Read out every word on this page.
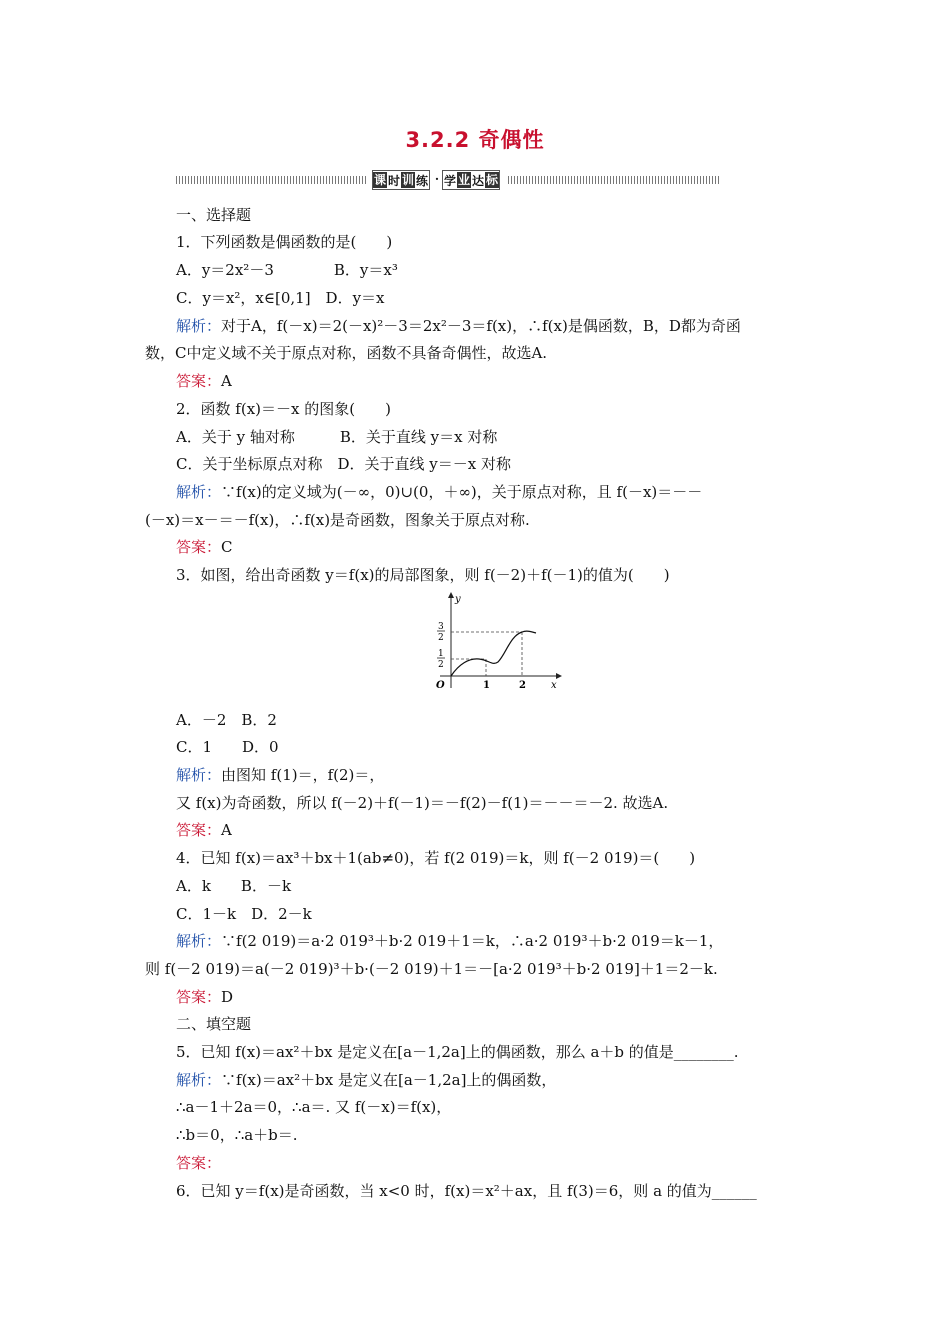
3.2.2 奇偶性
课 时 训 练 · 学 业 达 标
一、选择题
1．下列函数是偶函数的是(　　)
A．y＝2x²－3　　　　B．y＝x³
C．y＝x²，x∈[0,1]　D．y＝x
解析：对于A，f(－x)＝2(－x)²－3＝2x²－3＝f(x)，∴f(x)是偶函数，B，D都为奇函
数，C中定义域不关于原点对称，函数不具备奇偶性，故选A.
答案：A
2．函数 f(x)＝－x 的图象(　　)
A．关于 y 轴对称　　　B．关于直线 y＝x 对称
C．关于坐标原点对称　D．关于直线 y＝－x 对称
解析：∵f(x)的定义域为(－∞，0)∪(0，＋∞)，关于原点对称，且 f(－x)＝－－
(－x)＝x－＝－f(x)，∴f(x)是奇函数，图象关于原点对称.
答案：C
3．如图，给出奇函数 y＝f(x)的局部图象，则 f(－2)＋f(－1)的值为(　　)
y
x
O	1	2
3
2
1
2
A．－2　B．2
C．1　　D．0
解析：由图知 f(1)＝，f(2)＝，
又 f(x)为奇函数，所以 f(－2)＋f(－1)＝－f(2)－f(1)＝－－＝－2. 故选A.
答案：A
4．已知 f(x)＝ax³＋bx＋1(ab≠0)，若 f(2 019)＝k，则 f(－2 019)＝(　　)
A．k　　B．－k
C．1－k　D．2－k
解析：∵f(2 019)＝a·2 019³＋b·2 019＋1＝k，∴a·2 019³＋b·2 019＝k－1，
则 f(－2 019)＝a(－2 019)³＋b·(－2 019)＋1＝－[a·2 019³＋b·2 019]＋1＝2－k.
答案：D
二、填空题
5．已知 f(x)＝ax²＋bx 是定义在[a－1,2a]上的偶函数，那么 a＋b 的值是________.
解析：∵f(x)＝ax²＋bx 是定义在[a－1,2a]上的偶函数，
∴a－1＋2a＝0，∴a＝. 又 f(－x)＝f(x)，
∴b＝0，∴a＋b＝.
答案：
6．已知 y＝f(x)是奇函数，当 x<0 时，f(x)＝x²＋ax，且 f(3)＝6，则 a 的值为______
